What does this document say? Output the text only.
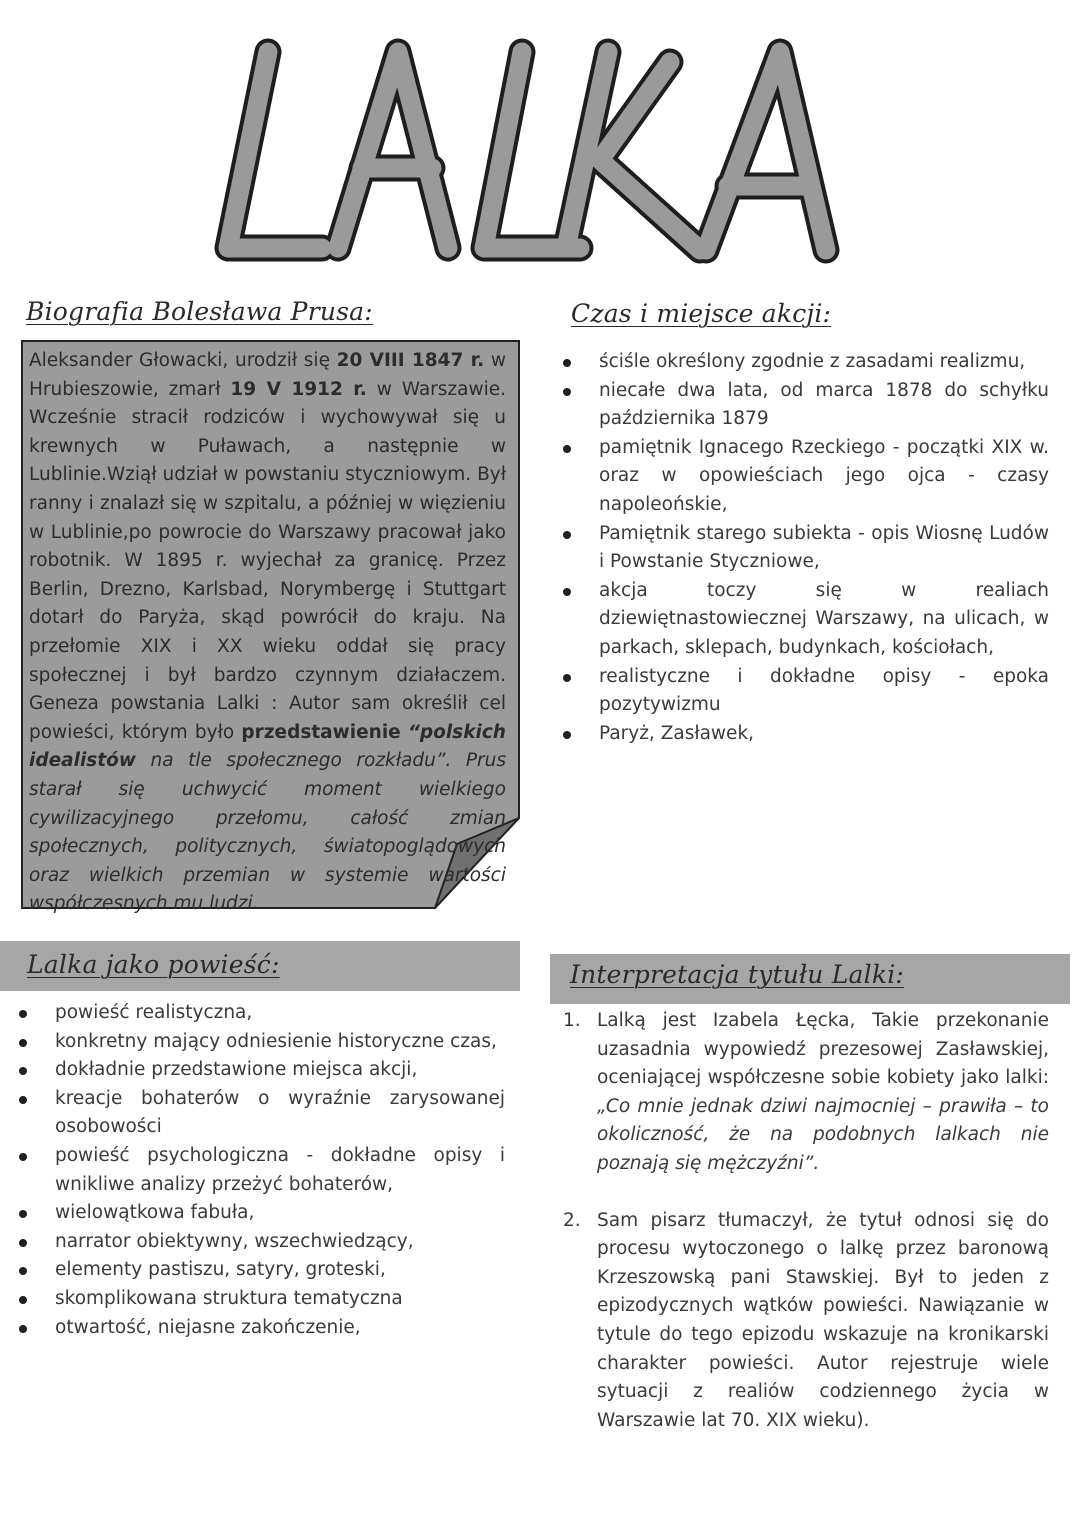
Biografia Bolesława Prusa:
Aleksander Głowacki, urodził się 20 VIII 1847 r. w Hrubieszowie, zmarł 19 V 1912 r. w Warszawie. Wcześnie stracił rodziców i wychowywał się u krewnych w Puławach, a następnie w Lublinie.Wziął udział w powstaniu styczniowym. Był ranny i znalazł się w szpitalu, a później w więzieniu w Lublinie,po powrocie do Warszawy pracował jako robotnik. W 1895 r. wyjechał za granicę. Przez Berlin, Drezno, Karlsbad, Norymbergę i Stuttgart dotarł do Paryża, skąd powrócił do kraju. Na przełomie XIX i XX wieku oddał się pracy społecznej i był bardzo czynnym działaczem. Geneza powstania Lalki : Autor sam określił cel powieści, którym było przedstawienie “polskich idealistów na tle społecznego rozkładu”. Prus starał się uchwycić moment wielkiego cywilizacyjnego przełomu, całość zmian społecznych, politycznych, światopoglądowych oraz wielkich przemian w systemie wartości współczesnych mu ludzi.
Czas i miejsce akcji:
ściśle określony zgodnie z zasadami realizmu,
niecałe dwa lata, od marca 1878 do schyłku października 1879
pamiętnik Ignacego Rzeckiego - początki XIX w. oraz w opowieściach jego ojca - czasy napoleońskie,
Pamiętnik starego subiekta - opis Wiosnę Ludów i Powstanie Styczniowe,
akcja toczy się w realiach dziewiętnastowiecznej Warszawy, na ulicach, w parkach, sklepach, budynkach, kościołach,
realistyczne i dokładne opisy - epoka pozytywizmu
Paryż, Zasławek,
Lalka jako powieść:
powieść realistyczna,
konkretny mający odniesienie historyczne czas,
dokładnie przedstawione miejsca akcji,
kreacje bohaterów o wyraźnie zarysowanej osobowości
powieść psychologiczna - dokładne opisy i wnikliwe analizy przeżyć bohaterów,
wielowątkowa fabuła,
narrator obiektywny, wszechwiedzący,
elementy pastiszu, satyry, groteski,
skomplikowana struktura tematyczna
otwartość, niejasne zakończenie,
Interpretacja tytułu Lalki:
1. Lalką jest Izabela Łęcka, Takie przekonanie uzasadnia wypowiedź prezesowej Zasławskiej, oceniającej współczesne sobie kobiety jako lalki: „Co mnie jednak dziwi najmocniej – prawiła – to okoliczność, że na podobnych lalkach nie poznają się mężczyźni”.
2. Sam pisarz tłumaczył, że tytuł odnosi się do procesu wytoczonego o lalkę przez baronową Krzeszowską pani Stawskiej. Był to jeden z epizodycznych wątków powieści. Nawiązanie w tytule do tego epizodu wskazuje na kronikarski charakter powieści. Autor rejestruje wiele sytuacji z realiów codziennego życia w Warszawie lat 70. XIX wieku).
